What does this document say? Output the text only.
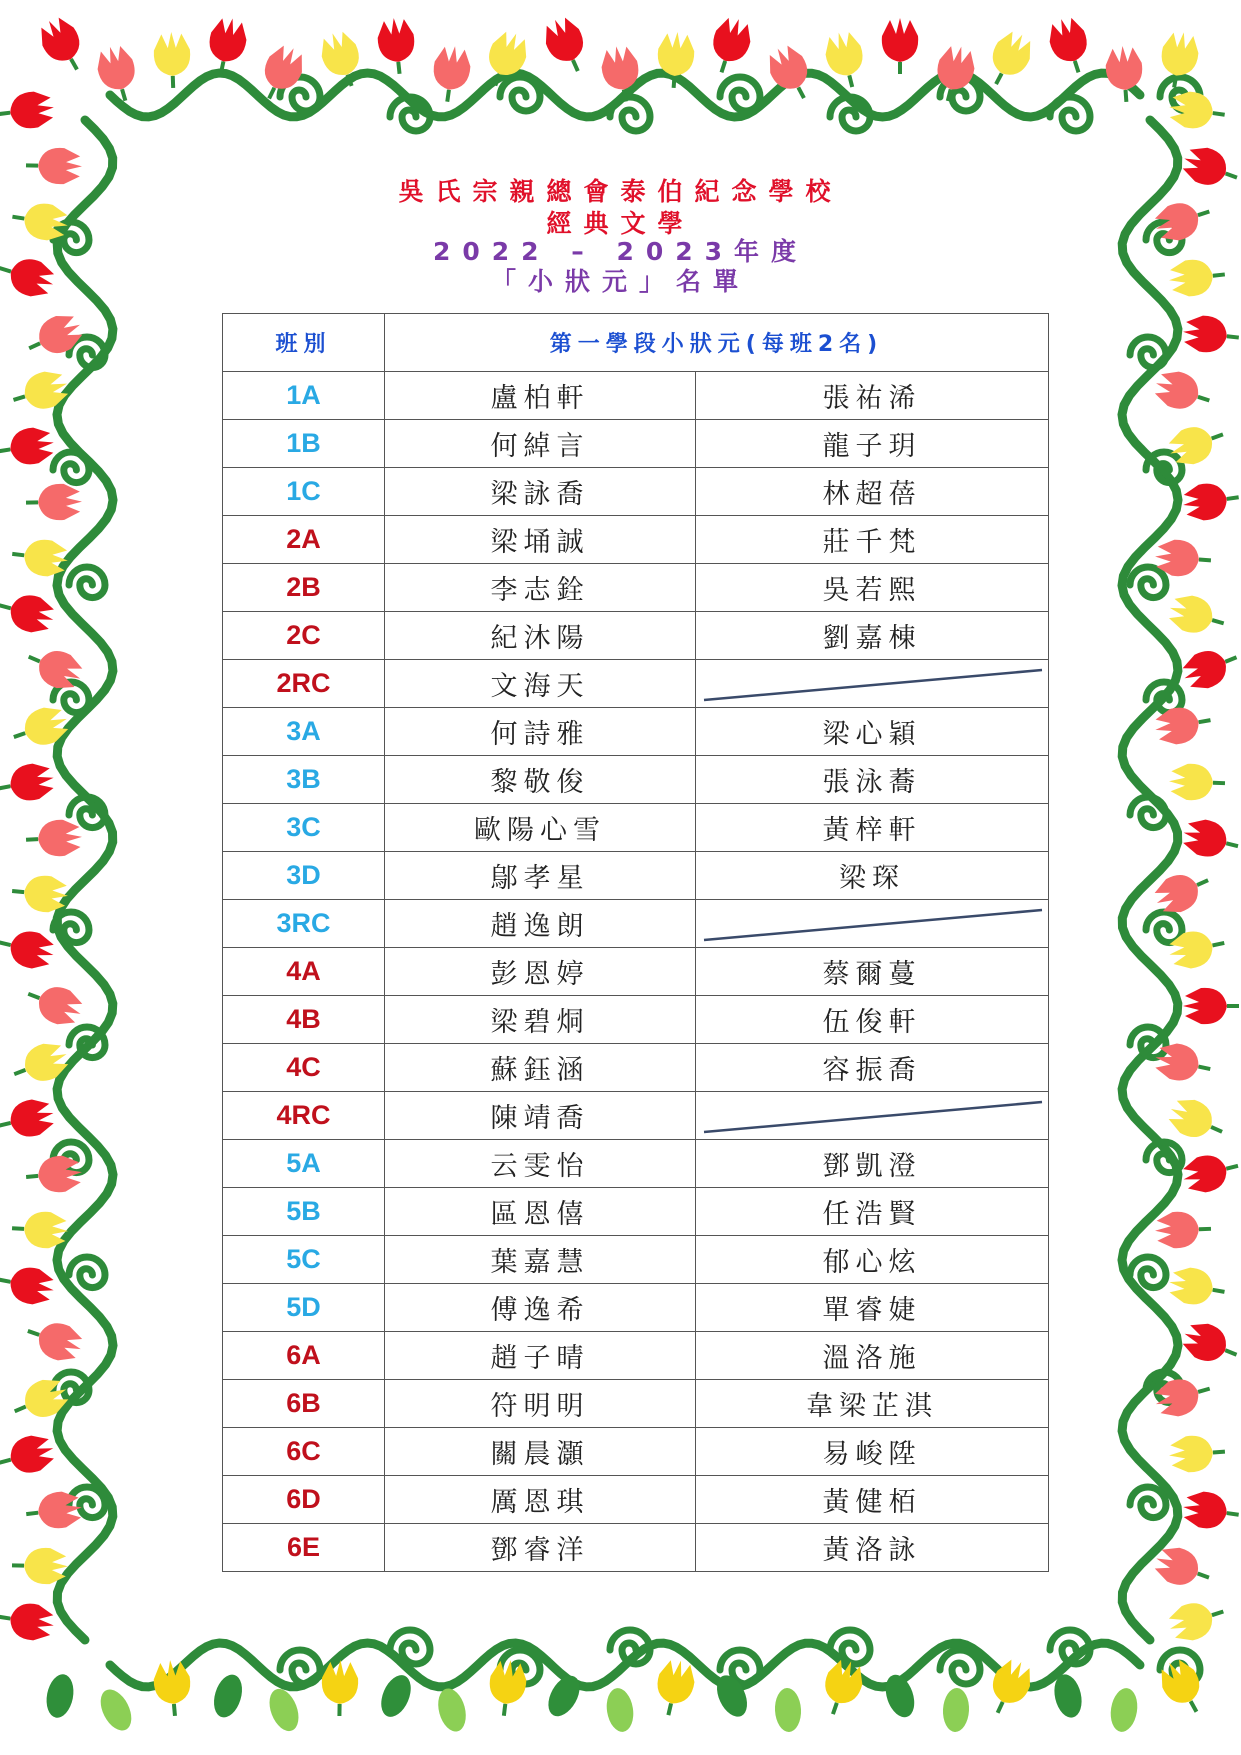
吳氏宗親總會泰伯紀念學校
經典文學
2022 – 2023年度
「小狀元」名單
班別	第一學段小狀元(每班2名)	
1A	盧柏軒	張祐浠
1B	何綽言	龍子玥
1C	梁詠喬	林超蓓
2A	梁埇誠	莊千梵
2B	李志銓	吳若熙
2C	紀沐陽	劉嘉棟
2RC	文海天	

3A	何詩雅	梁心穎
3B	黎敬俊	張泳蕎
3C	歐陽心雪	黃梓軒
3D	鄔孝星	梁琛
3RC	趙逸朗	

4A	彭恩婷	蔡爾蔓
4B	梁碧烔	伍俊軒
4C	蘇鈺涵	容振喬
4RC	陳靖喬	

5A	云雯怡	鄧凱澄
5B	區恩僖	任浩賢
5C	葉嘉慧	郁心炫
5D	傅逸希	單睿婕
6A	趙子晴	溫洛施
6B	符明明	韋梁芷淇
6C	關晨灝	易峻陞
6D	厲恩琪	黃健栢
6E	鄧睿洋	黃洛詠
